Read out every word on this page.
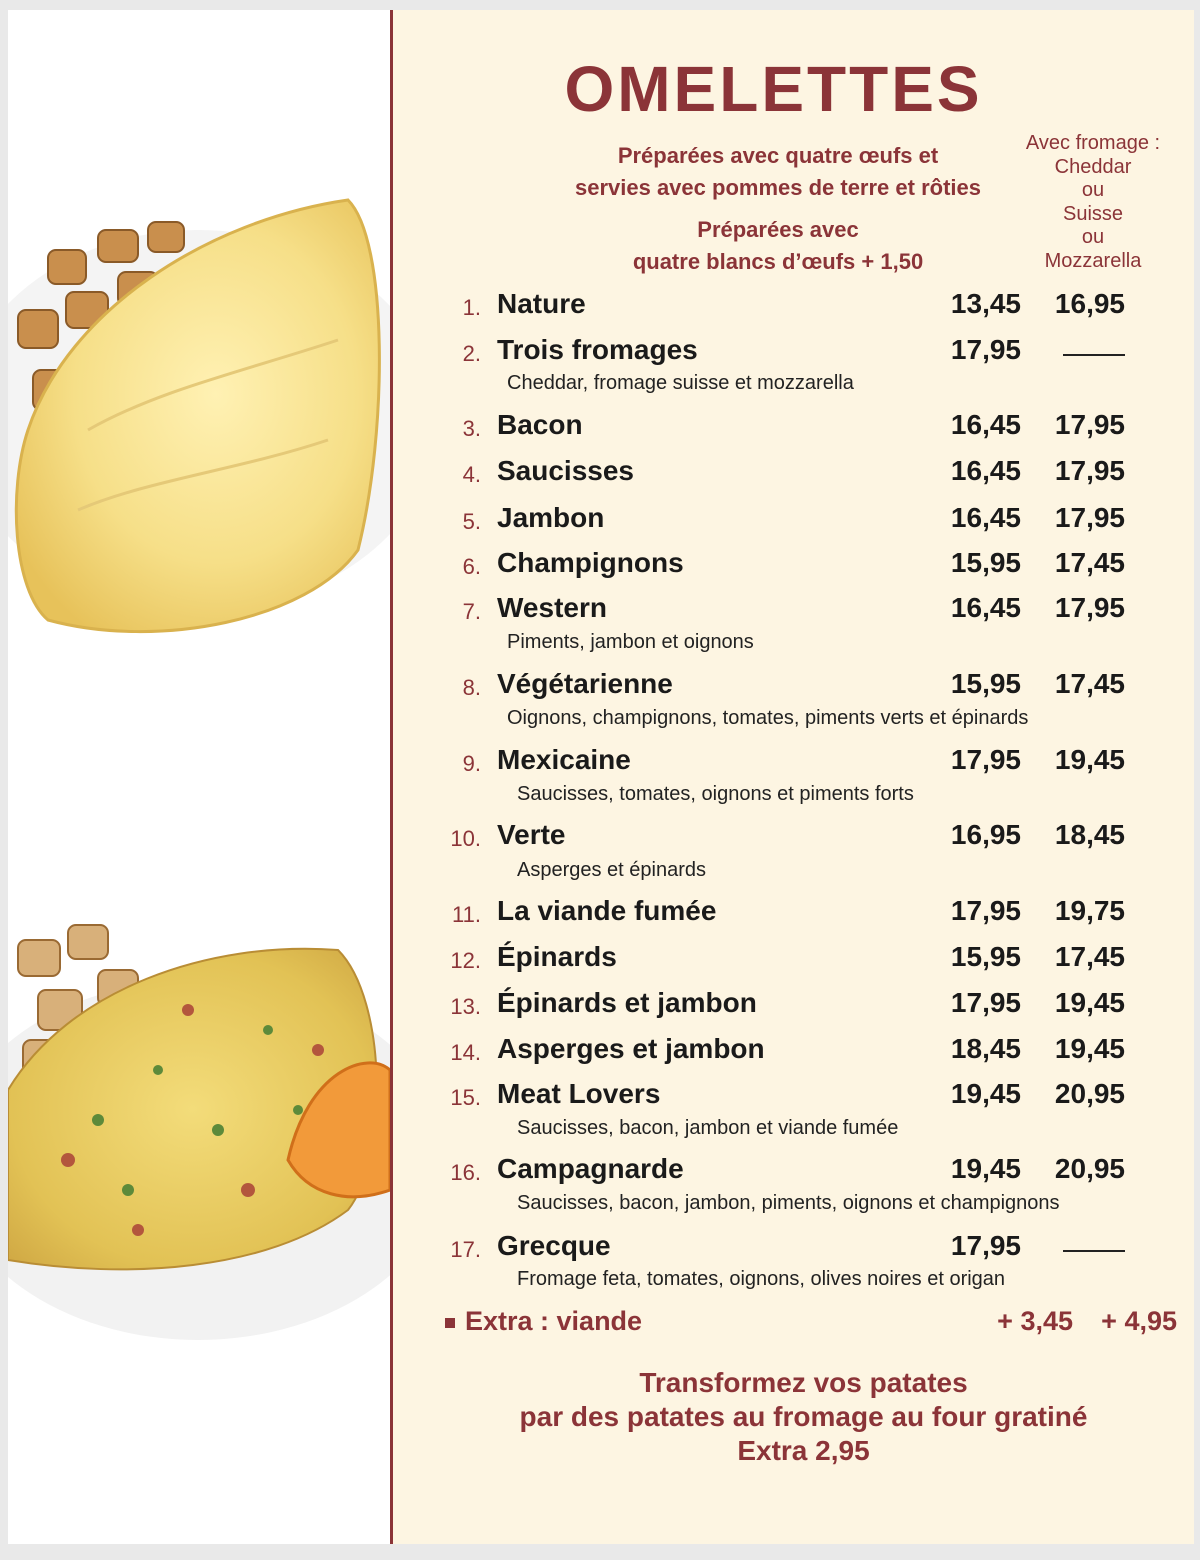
OMELETTES
Préparées avec quatre œufs et
servies avec pommes de terre et rôties
Préparées avec
quatre blancs d’œufs + 1,50
Avec fromage :
Cheddar
ou
Suisse
ou
Mozzarella
1. Nature	13,45	16,95
2. Trois fromages	17,95
Cheddar, fromage suisse et mozzarella
3. Bacon	16,45	17,95
4. Saucisses	16,45	17,95
5. Jambon	16,45	17,95
6. Champignons	15,95	17,45
7. Western	16,45	17,95
Piments, jambon et oignons
8. Végétarienne	15,95	17,45
Oignons, champignons, tomates, piments verts et épinards
9. Mexicaine	17,95	19,45
Saucisses, tomates, oignons et piments forts
10. Verte	16,95	18,45
Asperges et épinards
11. La viande fumée	17,95	19,75
12. Épinards	15,95	17,45
13. Épinards et jambon	17,95	19,45
14. Asperges et jambon	18,45	19,45
15. Meat Lovers	19,45	20,95
Saucisses, bacon, jambon et viande fumée
16. Campagnarde	19,45	20,95
Saucisses, bacon, jambon, piments, oignons et champignons
17. Grecque	17,95
Fromage feta, tomates, oignons, olives noires et origan
Extra : viande	+ 3,45	+ 4,95
Transformez vos patates
par des patates au fromage au four gratiné
Extra 2,95
